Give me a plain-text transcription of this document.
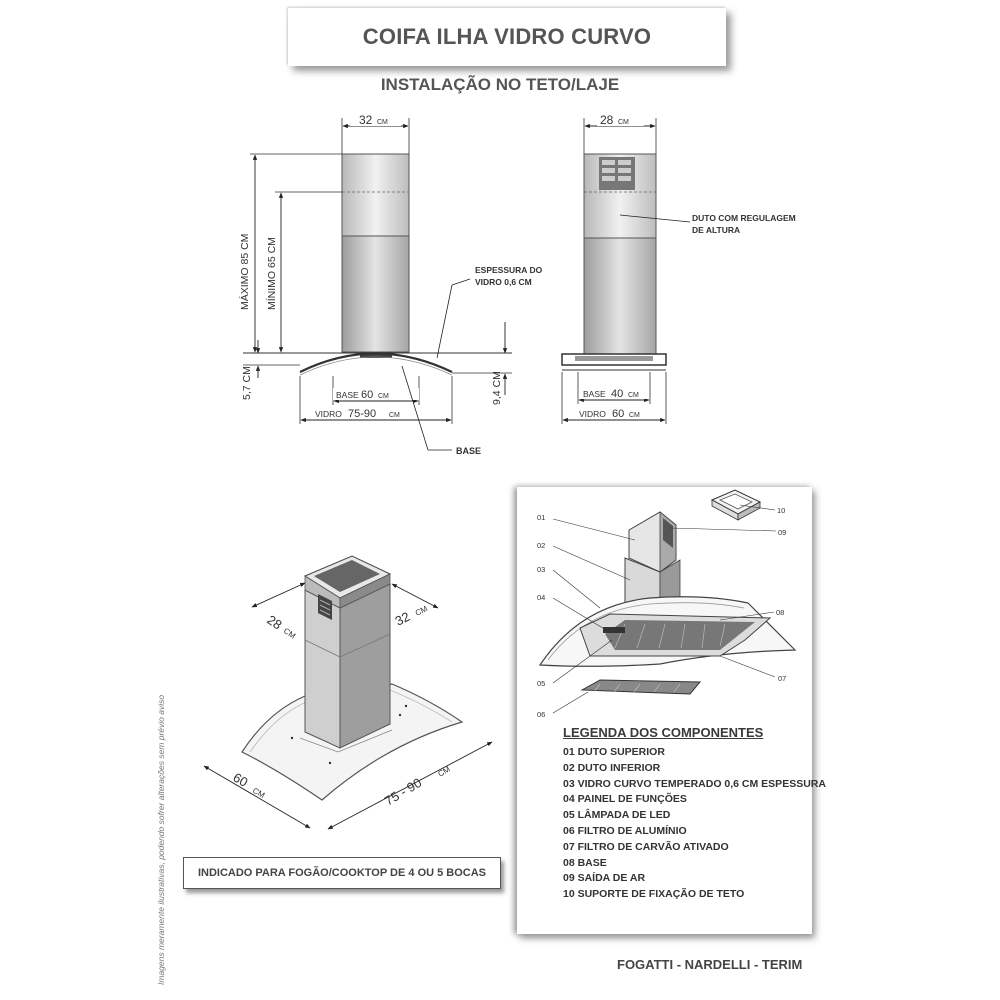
COIFA ILHA VIDRO CURVO
INSTALAÇÃO NO TETO/LAJE
32 CM
MÁXIMO 85 CM MÍNIMO 65 CM
5,7 CM	9,4 CM
ESPESSURA DO
VIDRO 0,6 CM
BASE 60 CM
VIDRO 75-90 CM
BASE
28 CM
DUTO COM REGULAGEM
DE ALTURA
BASE 40 CM
VIDRO 60 CM
28
CM
32 CM
60
CM	75 - 90
CM
01
02
03
04
05
06
07
08
09
10
LEGENDA DOS COMPONENTES
01 DUTO SUPERIOR
02 DUTO INFERIOR
03 VIDRO CURVO TEMPERADO 0,6 CM ESPESSURA
04 PAINEL DE FUNÇÕES
05 LÂMPADA DE LED
06 FILTRO DE ALUMÍNIO
07 FILTRO DE CARVÃO ATIVADO
08 BASE
09 SAÍDA DE AR
10 SUPORTE DE FIXAÇÃO DE TETO
INDICADO PARA FOGÃO/COOKTOP DE 4 OU 5 BOCAS
Imagens meramente ilustrativas, podendo sofrer alterações sem prévio aviso	FOGATTI - NARDELLI - TERIM
